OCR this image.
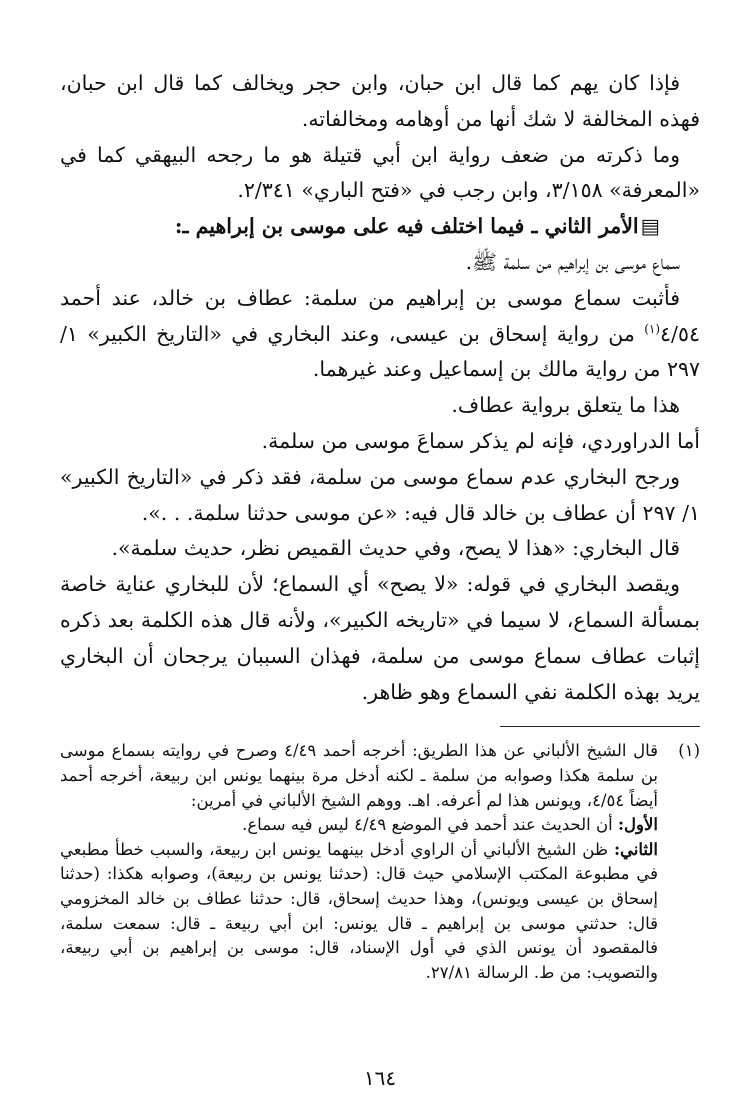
فإذا كان يهم كما قال ابن حبان، وابن حجر ويخالف كما قال ابن حبان، فهذه المخالفة لا شك أنها من أوهامه ومخالفاته.

وما ذكرته من ضعف رواية ابن أبي قتيلة هو ما رجحه البيهقي كما في «المعرفة» ٣/١٥٨، وابن رجب في «فتح الباري» ٢/٣٤١.

▤الأمر الثاني ـ فيما اختلف فيه على موسى بن إبراهيم ـ:

سماع موسى بن إبراهيم من سلمة ﷺ.

فأثبت سماع موسى بن إبراهيم من سلمة: عطاف بن خالد، عند أحمد ٤/٥٤$^{(١)}$ من رواية إسحاق بن عيسى، وعند البخاري في «التاريخ الكبير» ١/ ٢٩٧ من رواية مالك بن إسماعيل وعند غيرهما.

هذا ما يتعلق برواية عطاف.

أما الدراوردي، فإنه لم يذكر سماعَ موسى من سلمة.

ورجح البخاري عدم سماع موسى من سلمة، فقد ذكر في «التاريخ الكبير» ١/ ٢٩٧ أن عطاف بن خالد قال فيه: «عن موسى حدثنا سلمة. . .».

قال البخاري: «هذا لا يصح، وفي حديث القميص نظر، حديث سلمة».

ويقصد البخاري في قوله: «لا يصح» أي السماع؛ لأن للبخاري عناية خاصة بمسألة السماع، لا سيما في «تاريخه الكبير»، ولأنه قال هذه الكلمة بعد ذكره إثبات عطاف سماع موسى من سلمة، فهذان السببان يرجحان أن البخاري يريد بهذه الكلمة نفي السماع وهو ظاهر.

(١)

قال الشيخ الألباني عن هذا الطريق: أخرجه أحمد ٤/٤٩ وصرح في روايته بسماع موسى بن سلمة هكذا وصوابه من سلمة ـ لكنه أدخل مرة بينهما يونس ابن ربيعة، أخرجه أحمد أيضاً ٤/٥٤، ويونس هذا لم أعرفه. اهـ. ووهم الشيخ الألباني في أمرين:

الأول: أن الحديث عند أحمد في الموضع ٤/٤٩ ليس فيه سماع.

الثاني: ظن الشيخ الألباني أن الراوي أدخل بينهما يونس ابن ربيعة، والسبب خطأ مطبعي في مطبوعة المكتب الإسلامي حيث قال: (حدثنا يونس بن ربيعة)، وصوابه هكذا: (حدثنا إسحاق بن عيسى ويونس)، وهذا حديث إسحاق، قال: حدثنا عطاف بن خالد المخزومي قال: حدثني موسى بن إبراهيم ـ قال يونس: ابن أبي ربيعة ـ قال: سمعت سلمة، فالمقصود أن يونس الذي في أول الإسناد، قال: موسى بن إبراهيم بن أبي ربيعة، والتصويب: من ط. الرسالة ٢٧/٨١.

١٦٤
